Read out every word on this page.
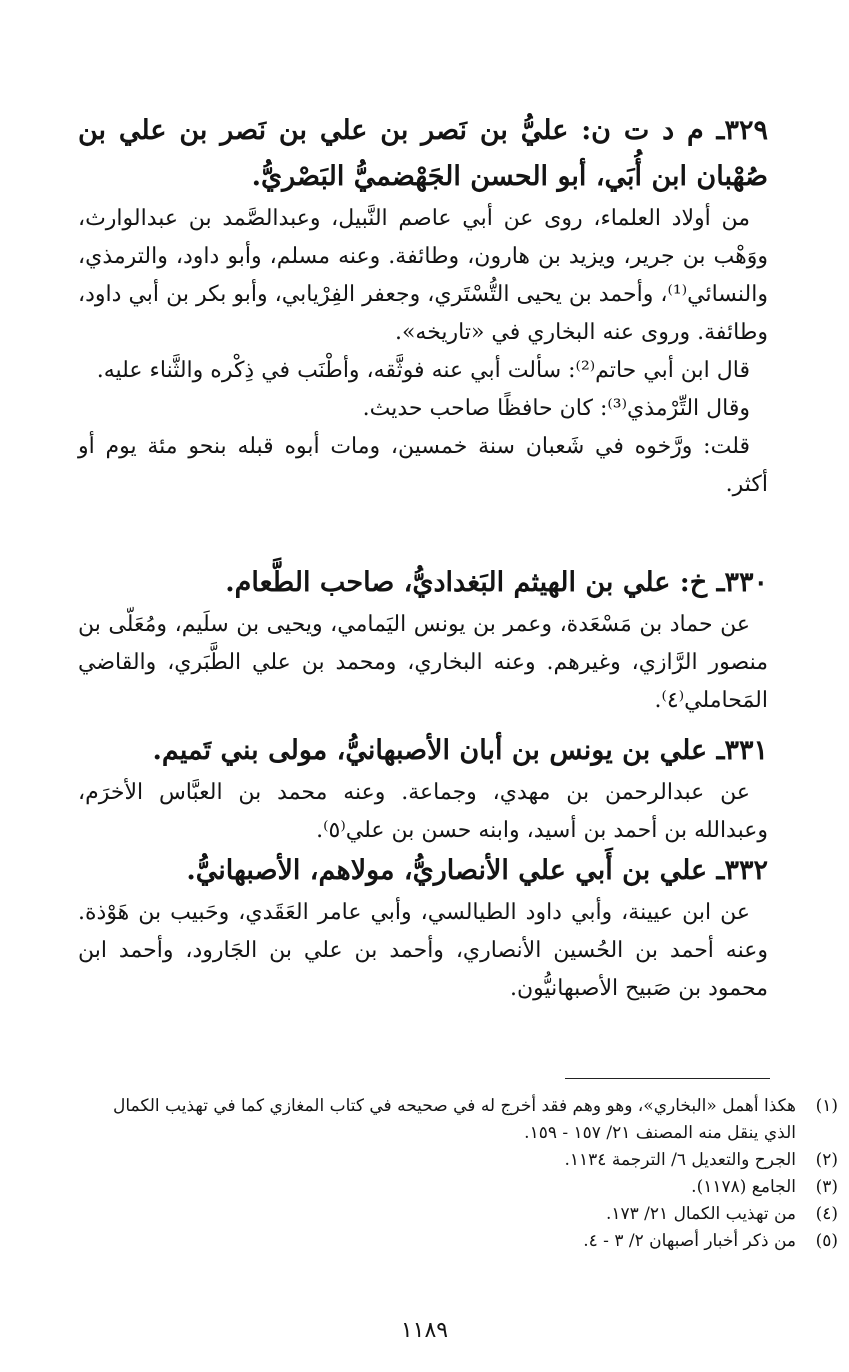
٣٢٩ـ م د ت ن: عليُّ بن نَصر بن علي بن نَصر بن علي بن صُهْبان ابن أُبَي، أبو الحسن الجَهْضميُّ البَصْريُّ.

من أولاد العلماء، روى عن أبي عاصم النَّبيل، وعبدالصَّمد بن عبدالوارث، ووَهْب بن جرير، ويزيد بن هارون، وطائفة. وعنه مسلم، وأبو داود، والترمذي، والنسائي⁽¹⁾، وأحمد بن يحيى التُّسْتَري، وجعفر الفِرْيابي، وأبو بكر بن أبي داود، وطائفة. وروى عنه البخاري في «تاريخه».

قال ابن أبي حاتم⁽²⁾: سألت أبي عنه فوثَّقه، وأطْنَب في ذِكْره والثَّناء عليه.

وقال التِّرْمذي⁽³⁾: كان حافظًا صاحب حديث.

قلت: ورَّخوه في شَعبان سنة خمسين، ومات أبوه قبله بنحو مئة يوم أو أكثر.

٣٣٠ـ خ: علي بن الهيثم البَغداديُّ، صاحب الطَّعام.

عن حماد بن مَسْعَدة، وعمر بن يونس اليَمامي، ويحيى بن سلَيم، ومُعَلّى بن منصور الرَّازي، وغيرهم. وعنه البخاري، ومحمد بن علي الطَّبَري، والقاضي المَحاملي⁽٤⁾.

٣٣١ـ علي بن يونس بن أبان الأصبهانيُّ، مولى بني تَميم.

عن عبدالرحمن بن مهدي، وجماعة. وعنه محمد بن العبَّاس الأخرَم، وعبدالله بن أحمد بن أسيد، وابنه حسن بن علي⁽٥⁾.

٣٣٢ـ علي بن أَبي علي الأنصاريُّ، مولاهم، الأصبهانيُّ.

عن ابن عيينة، وأبي داود الطيالسي، وأبي عامر العَقَدي، وحَبيب بن هَوْذة. وعنه أحمد بن الحُسين الأنصاري، وأحمد بن علي بن الجَارود، وأحمد ابن محمود بن صَبيح الأصبهانيُّون.

(١)
هكذا أهمل «البخاري»، وهو وهم فقد أخرج له في صحيحه في كتاب المغازي كما في تهذيب الكمال الذي ينقل منه المصنف ٢١/ ١٥٧ - ١٥٩.

(٢)
الجرح والتعديل ٦/ الترجمة ١١٣٤.

(٣)
الجامع (١١٧٨).

(٤)
من تهذيب الكمال ٢١/ ١٧٣.

(٥)
من ذكر أخبار أصبهان ٢/ ٣ - ٤.

١١٨٩
